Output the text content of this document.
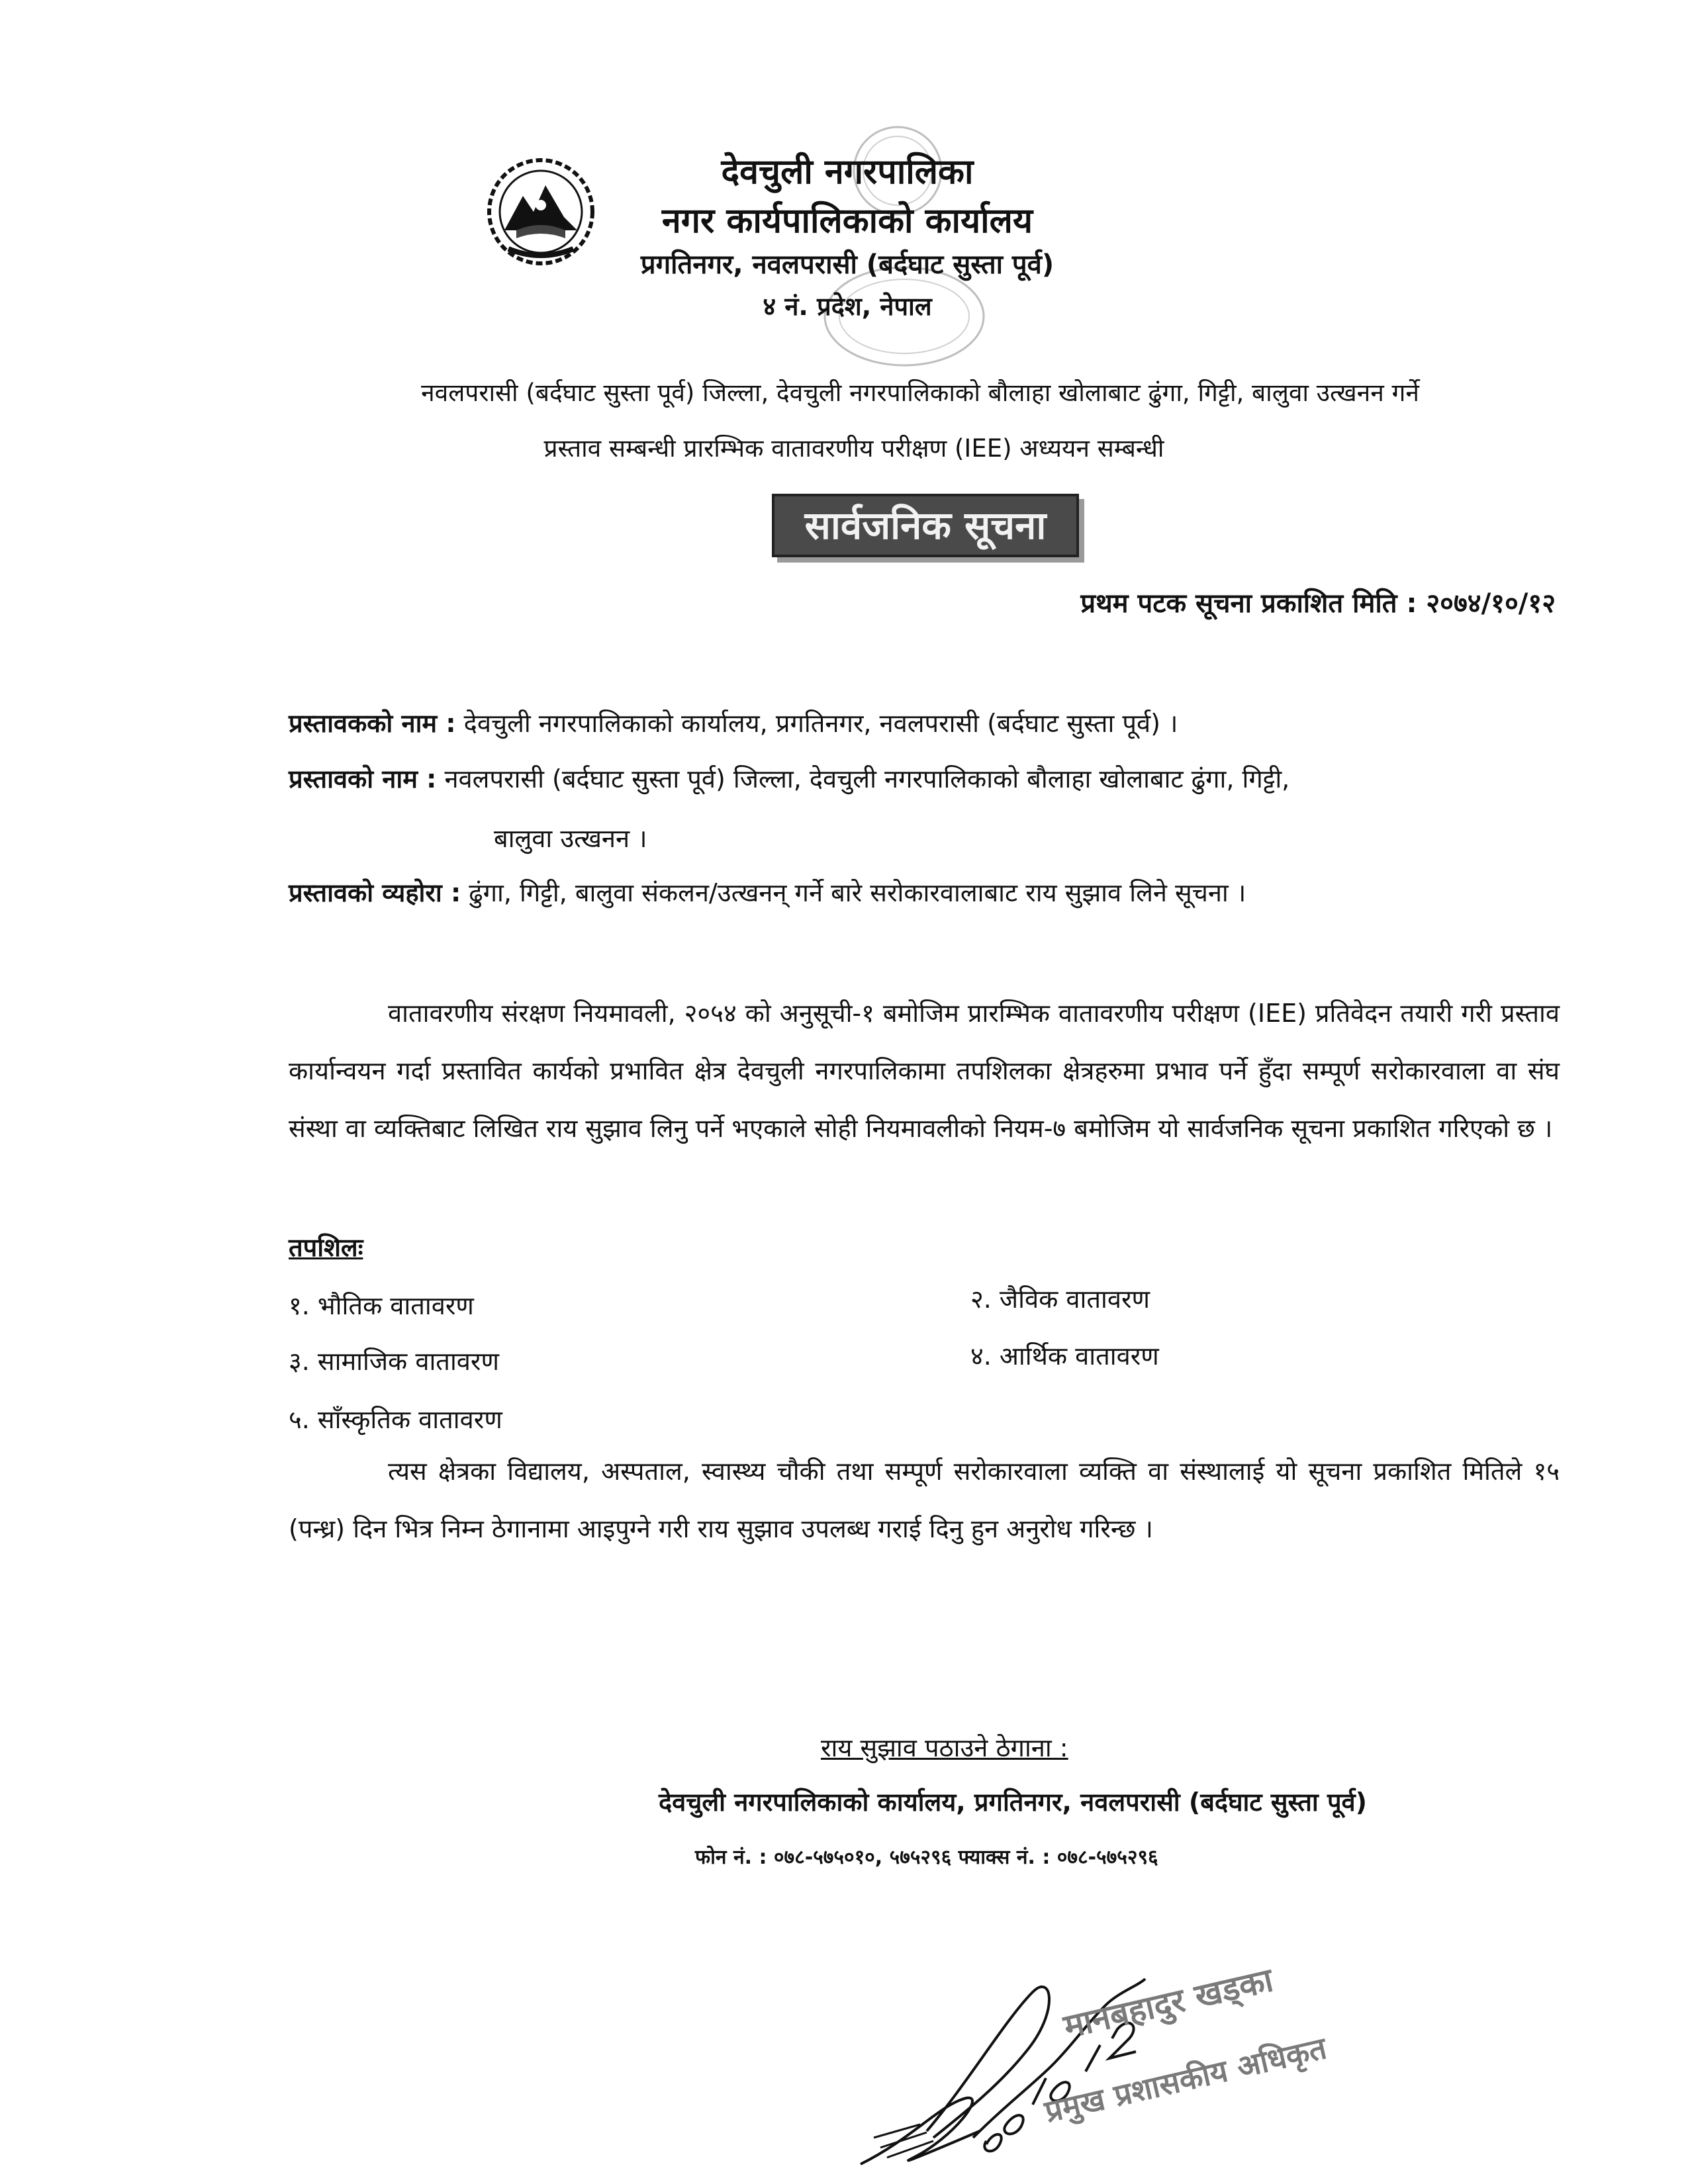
देवचुली नगरपालिका
नगर कार्यपालिकाको कार्यालय
प्रगतिनगर, नवलपरासी (बर्दघाट सुस्ता पूर्व)
४ नं. प्रदेश, नेपाल
नवलपरासी (बर्दघाट सुस्ता पूर्व) जिल्ला, देवचुली नगरपालिकाको बौलाहा खोलाबाट ढुंगा, गिट्टी, बालुवा उत्खनन गर्ने
प्रस्ताव सम्बन्धी प्रारम्भिक वातावरणीय परीक्षण (IEE) अध्ययन सम्बन्धी
सार्वजनिक सूचना
प्रथम पटक सूचना प्रकाशित मिति : २०७४/१०/१२
प्रस्तावकको नाम : देवचुली नगरपालिकाको कार्यालय, प्रगतिनगर, नवलपरासी (बर्दघाट सुस्ता पूर्व) ।
प्रस्तावको नाम : नवलपरासी (बर्दघाट सुस्ता पूर्व) जिल्ला, देवचुली नगरपालिकाको बौलाहा खोलाबाट ढुंगा, गिट्टी,
बालुवा उत्खनन ।
प्रस्तावको व्यहोरा : ढुंगा, गिट्टी, बालुवा संकलन/उत्खनन् गर्ने बारे सरोकारवालाबाट राय सुझाव लिने सूचना ।
वातावरणीय संरक्षण नियमावली, २०५४ को अनुसूची-१ बमोजिम प्रारम्भिक वातावरणीय परीक्षण (IEE) प्रतिवेदन तयारी गरी प्रस्ताव कार्यान्वयन गर्दा प्रस्तावित कार्यको प्रभावित क्षेत्र देवचुली नगरपालिकामा तपशिलका क्षेत्रहरुमा प्रभाव पर्ने हुँदा सम्पूर्ण सरोकारवाला वा संघ संस्था वा व्यक्तिबाट लिखित राय सुझाव लिनु पर्ने भएकाले सोही नियमावलीको नियम-७ बमोजिम यो सार्वजनिक सूचना प्रकाशित गरिएको छ ।
तपशिलः
१. भौतिक वातावरण	२. जैविक वातावरण
३. सामाजिक वातावरण	४. आर्थिक वातावरण
५. साँस्कृतिक वातावरण
त्यस क्षेत्रका विद्यालय, अस्पताल, स्वास्थ्य चौकी तथा सम्पूर्ण सरोकारवाला व्यक्ति वा संस्थालाई यो सूचना प्रकाशित मितिले १५ (पन्ध्र) दिन भित्र निम्न ठेगानामा आइपुग्ने गरी राय सुझाव उपलब्ध गराई दिनु हुन अनुरोध गरिन्छ ।
राय सुझाव पठाउने ठेगाना :
देवचुली नगरपालिकाको कार्यालय, प्रगतिनगर, नवलपरासी (बर्दघाट सुस्ता पूर्व)
फोन नं. : ०७८-५७५०१०, ५७५२९६ फ्याक्स नं. : ०७८-५७५२९६
मानबहादुर खड्का
प्रमुख प्रशासकीय अधिकृत
